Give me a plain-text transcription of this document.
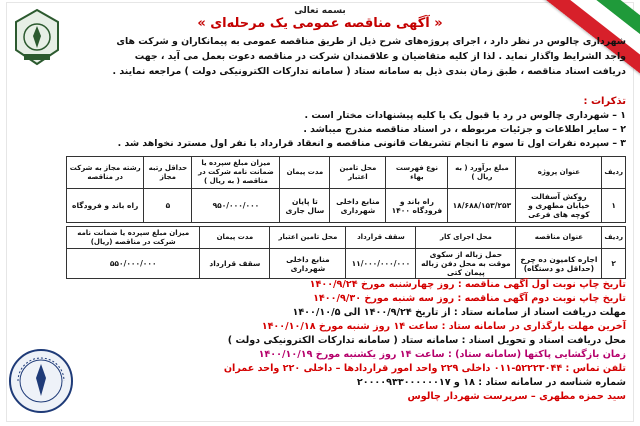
بسمه تعالی
« آگهی مناقصه عمومی یک مرحله‌ای »
شهرداری چالوس در نظر دارد ، اجرای پروژه‌های شرح ذیل از طریق مناقصه عمومی به پیمانکاران و شرکت های
واجد الشرایط واگذار نماید . لذا از کلیه متقاضیان و علاقمندان شرکت در مناقصه دعوت بعمل می آید ، جهت
دریافت اسناد مناقصه ، طبق زمان بندی ذیل به سامانه ستاد ( سامانه تدارکات الکترونیکی دولت ) مراجعه نمایند .
تذکرات :
۱ – شهرداری چالوس در رد یا قبول یک یا کلیه پیشنهادات مختار است .
۲ – سایر اطلاعات و جزئیات مربوطه ، در اسناد مناقصه مندرج میباشد .
۳ – سپرده نفرات اول تا سوم تا انجام تشریفات قانونی مناقصه و انعقاد قرارداد با نفر اول مسترد نخواهد شد .
ردیف	عنوان پروژه	مبلغ برآورد ( به ریال )	نوع فهرست بهاء	محل تامین اعتبار	مدت پیمان	میزان مبلغ سپرده یا ضمانت نامه شرکت در مناقصه ( به ریال )	حداقل رتبه مجاز	رشته مجاز به شرکت در مناقصه
۱	روکش آسفالت خیابان مطهری و کوچه های فرعی	۱۸/۶۸۸/۱۵۳/۲۵۳	راه باند و فرودگاه ۱۴۰۰	منابع داخلی شهرداری	تا پایان سال جاری	۹۵۰/۰۰۰/۰۰۰	۵	راه باند و فرودگاه
ردیف	عنوان مناقصه	محل اجرای کار	سقف قرارداد	محل تامین اعتبار	مدت پیمان	میزان مبلغ سپرده یا ضمانت نامه شرکت در مناقصه (ریال)
۲	اجاره کامیون ده چرخ (حداقل دو دستگاه)	حمل زباله از سکوی موقت به محل دفن زباله پیمان کتی	۱۱/۰۰۰/۰۰۰/۰۰۰	منابع داخلی شهرداری	سقف قرارداد	۵۵۰/۰۰۰/۰۰۰
تاریخ چاپ نوبت اول آگهی مناقصه : روز چهارشنبه مورخ ۱۴۰۰/۹/۲۴
تاریخ چاپ نوبت دوم آگهی مناقصه : روز سه شنبه مورخ ۱۴۰۰/۹/۳۰
مهلت دریافت اسناد از سامانه ستاد : از تاریخ ۱۴۰۰/۹/۲۴ الی ۱۴۰۰/۱۰/۵
آخرین مهلت بارگذاری در سامانه ستاد : ساعت ۱۴ روز شنبه مورخ ۱۴۰۰/۱۰/۱۸
محل دریافت اسناد و تحویل اسناد : سامانه ستاد ( سامانه تدارکات الکترونیکی دولت )
زمان بازگشایی پاکتها (سامانه ستاد) : ساعت ۱۴ روز یکشنبه مورخ ۱۴۰۰/۱۰/۱۹
تلفن تماس : ۵۲۲۲۳۰۴۴-۰۱۱ داخلی ۲۲۹ واحد امور قراردادها – داخلی ۲۲۰ واحد عمران
شماره شناسه در سامانه ستاد : ۱۸ و ۲۰۰۰۰۹۳۳۰۰۰۰۰۰۱۷
سید حمزه مطهری – سرپرست شهردار چالوس
